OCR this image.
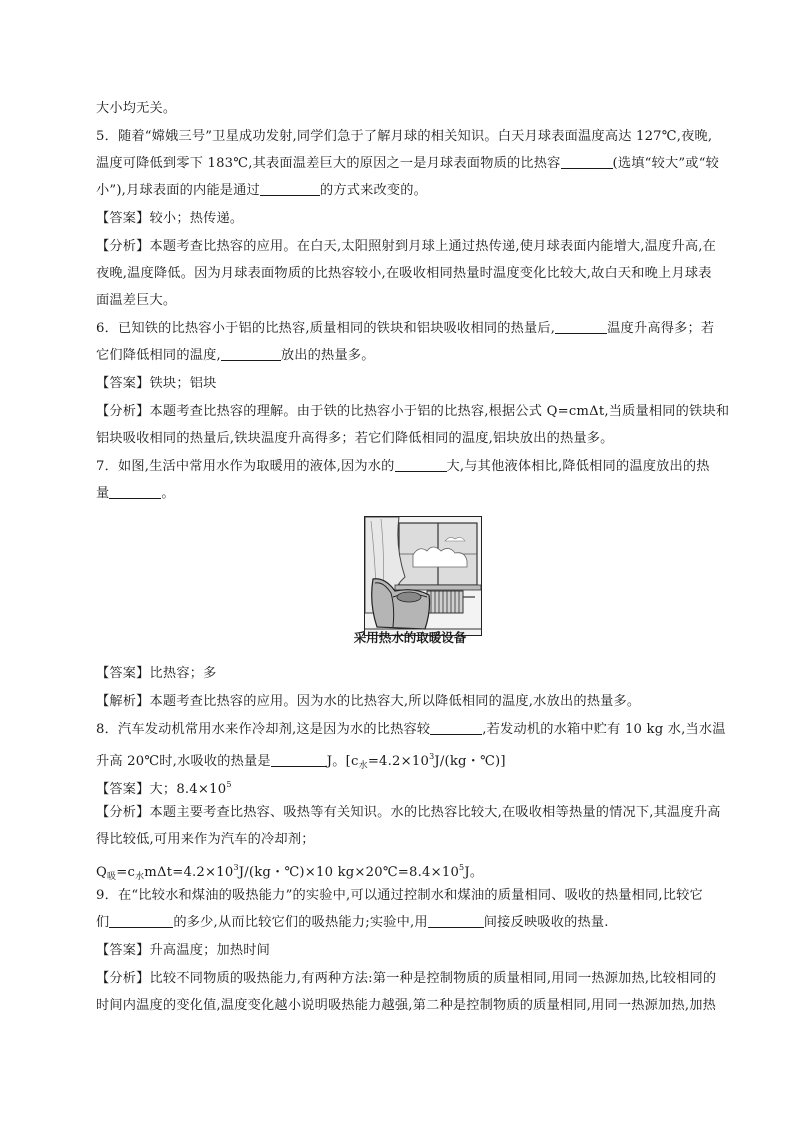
大小均无关。
5．随着“嫦娥三号”卫星成功发射,同学们急于了解月球的相关知识。白天月球表面温度高达 127℃,夜晚,
温度可降低到零下 183℃,其表面温差巨大的原因之一是月球表面物质的比热容	(选填“较大”或“较
小”),月球表面的内能是通过	的方式来改变的。
【答案】较小；热传递。
【分析】本题考查比热容的应用。在白天,太阳照射到月球上通过热传递,使月球表面内能增大,温度升高,在
夜晚,温度降低。因为月球表面物质的比热容较小,在吸收相同热量时温度变化比较大,故白天和晚上月球表
面温差巨大。
6．已知铁的比热容小于铝的比热容,质量相同的铁块和铝块吸收相同的热量后,	温度升高得多；若
它们降低相同的温度,	放出的热量多。
【答案】铁块；铝块
【分析】本题考查比热容的理解。由于铁的比热容小于铝的比热容,根据公式 Q=cmΔt,当质量相同的铁块和
铝块吸收相同的热量后,铁块温度升高得多；若它们降低相同的温度,铝块放出的热量多。
7．如图,生活中常用水作为取暖用的液体,因为水的	大,与其他液体相比,降低相同的温度放出的热
量	。
采用热水的取暖设备
【答案】比热容；多
【解析】本题考查比热容的应用。因为水的比热容大,所以降低相同的温度,水放出的热量多。
8．汽车发动机常用水来作冷却剂,这是因为水的比热容较	,若发动机的水箱中贮有 10 kg 水,当水温
升高 20℃时,水吸收的热量是	J。[$c_水=4.2\times 10^3J/(kg$・℃)]
【答案】大；$8.4\times 10^5$
【分析】本题主要考查比热容、吸热等有关知识。水的比热容比较大,在吸收相等热量的情况下,其温度升高
得比较低,可用来作为汽车的冷却剂；
$Q_吸=c_水m\Delta t=4.2\times 10^3J/(kg$・℃)×10 $kg\times 20℃=8.4\times 10^5J$。
9．在“比较水和煤油的吸热能力”的实验中,可以通过控制水和煤油的质量相同、吸收的热量相同,比较它
们	的多少,从而比较它们的吸热能力;实验中,用	间接反映吸收的热量.
【答案】升高温度；加热时间
【分析】比较不同物质的吸热能力,有两种方法:第一种是控制物质的质量相同,用同一热源加热,比较相同的
时间内温度的变化值,温度变化越小说明吸热能力越强,第二种是控制物质的质量相同,用同一热源加热,加热
